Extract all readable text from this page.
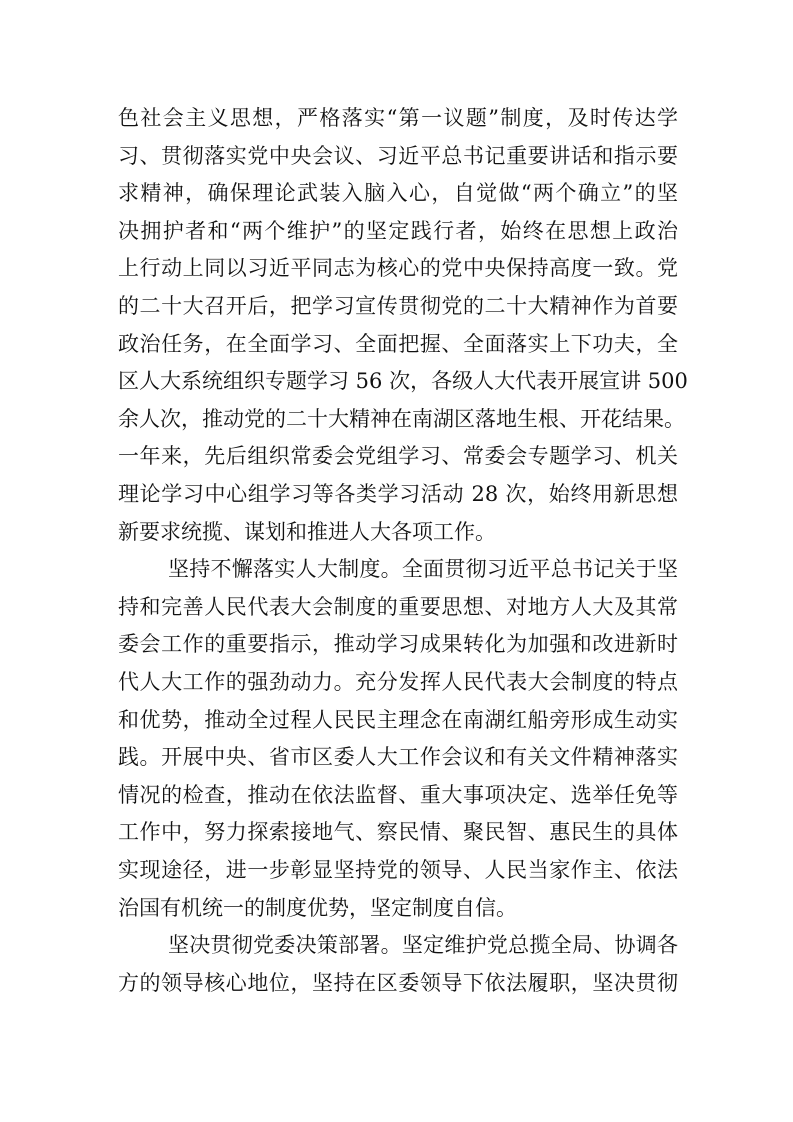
色社会主义思想，严格落实“第一议题”制度，及时传达学
习、贯彻落实党中央会议、习近平总书记重要讲话和指示要
求精神，确保理论武装入脑入心，自觉做“两个确立”的坚
决拥护者和“两个维护”的坚定践行者，始终在思想上政治
上行动上同以习近平同志为核心的党中央保持高度一致。党
的二十大召开后，把学习宣传贯彻党的二十大精神作为首要
政治任务，在全面学习、全面把握、全面落实上下功夫，全
区人大系统组织专题学习 56 次，各级人大代表开展宣讲 500
余人次，推动党的二十大精神在南湖区落地生根、开花结果。
一年来，先后组织常委会党组学习、常委会专题学习、机关
理论学习中心组学习等各类学习活动 28 次，始终用新思想
新要求统揽、谋划和推进人大各项工作。
坚持不懈落实人大制度。全面贯彻习近平总书记关于坚
持和完善人民代表大会制度的重要思想、对地方人大及其常
委会工作的重要指示，推动学习成果转化为加强和改进新时
代人大工作的强劲动力。充分发挥人民代表大会制度的特点
和优势，推动全过程人民民主理念在南湖红船旁形成生动实
践。开展中央、省市区委人大工作会议和有关文件精神落实
情况的检查，推动在依法监督、重大事项决定、选举任免等
工作中，努力探索接地气、察民情、聚民智、惠民生的具体
实现途径，进一步彰显坚持党的领导、人民当家作主、依法
治国有机统一的制度优势，坚定制度自信。
坚决贯彻党委决策部署。坚定维护党总揽全局、协调各
方的领导核心地位，坚持在区委领导下依法履职，坚决贯彻
